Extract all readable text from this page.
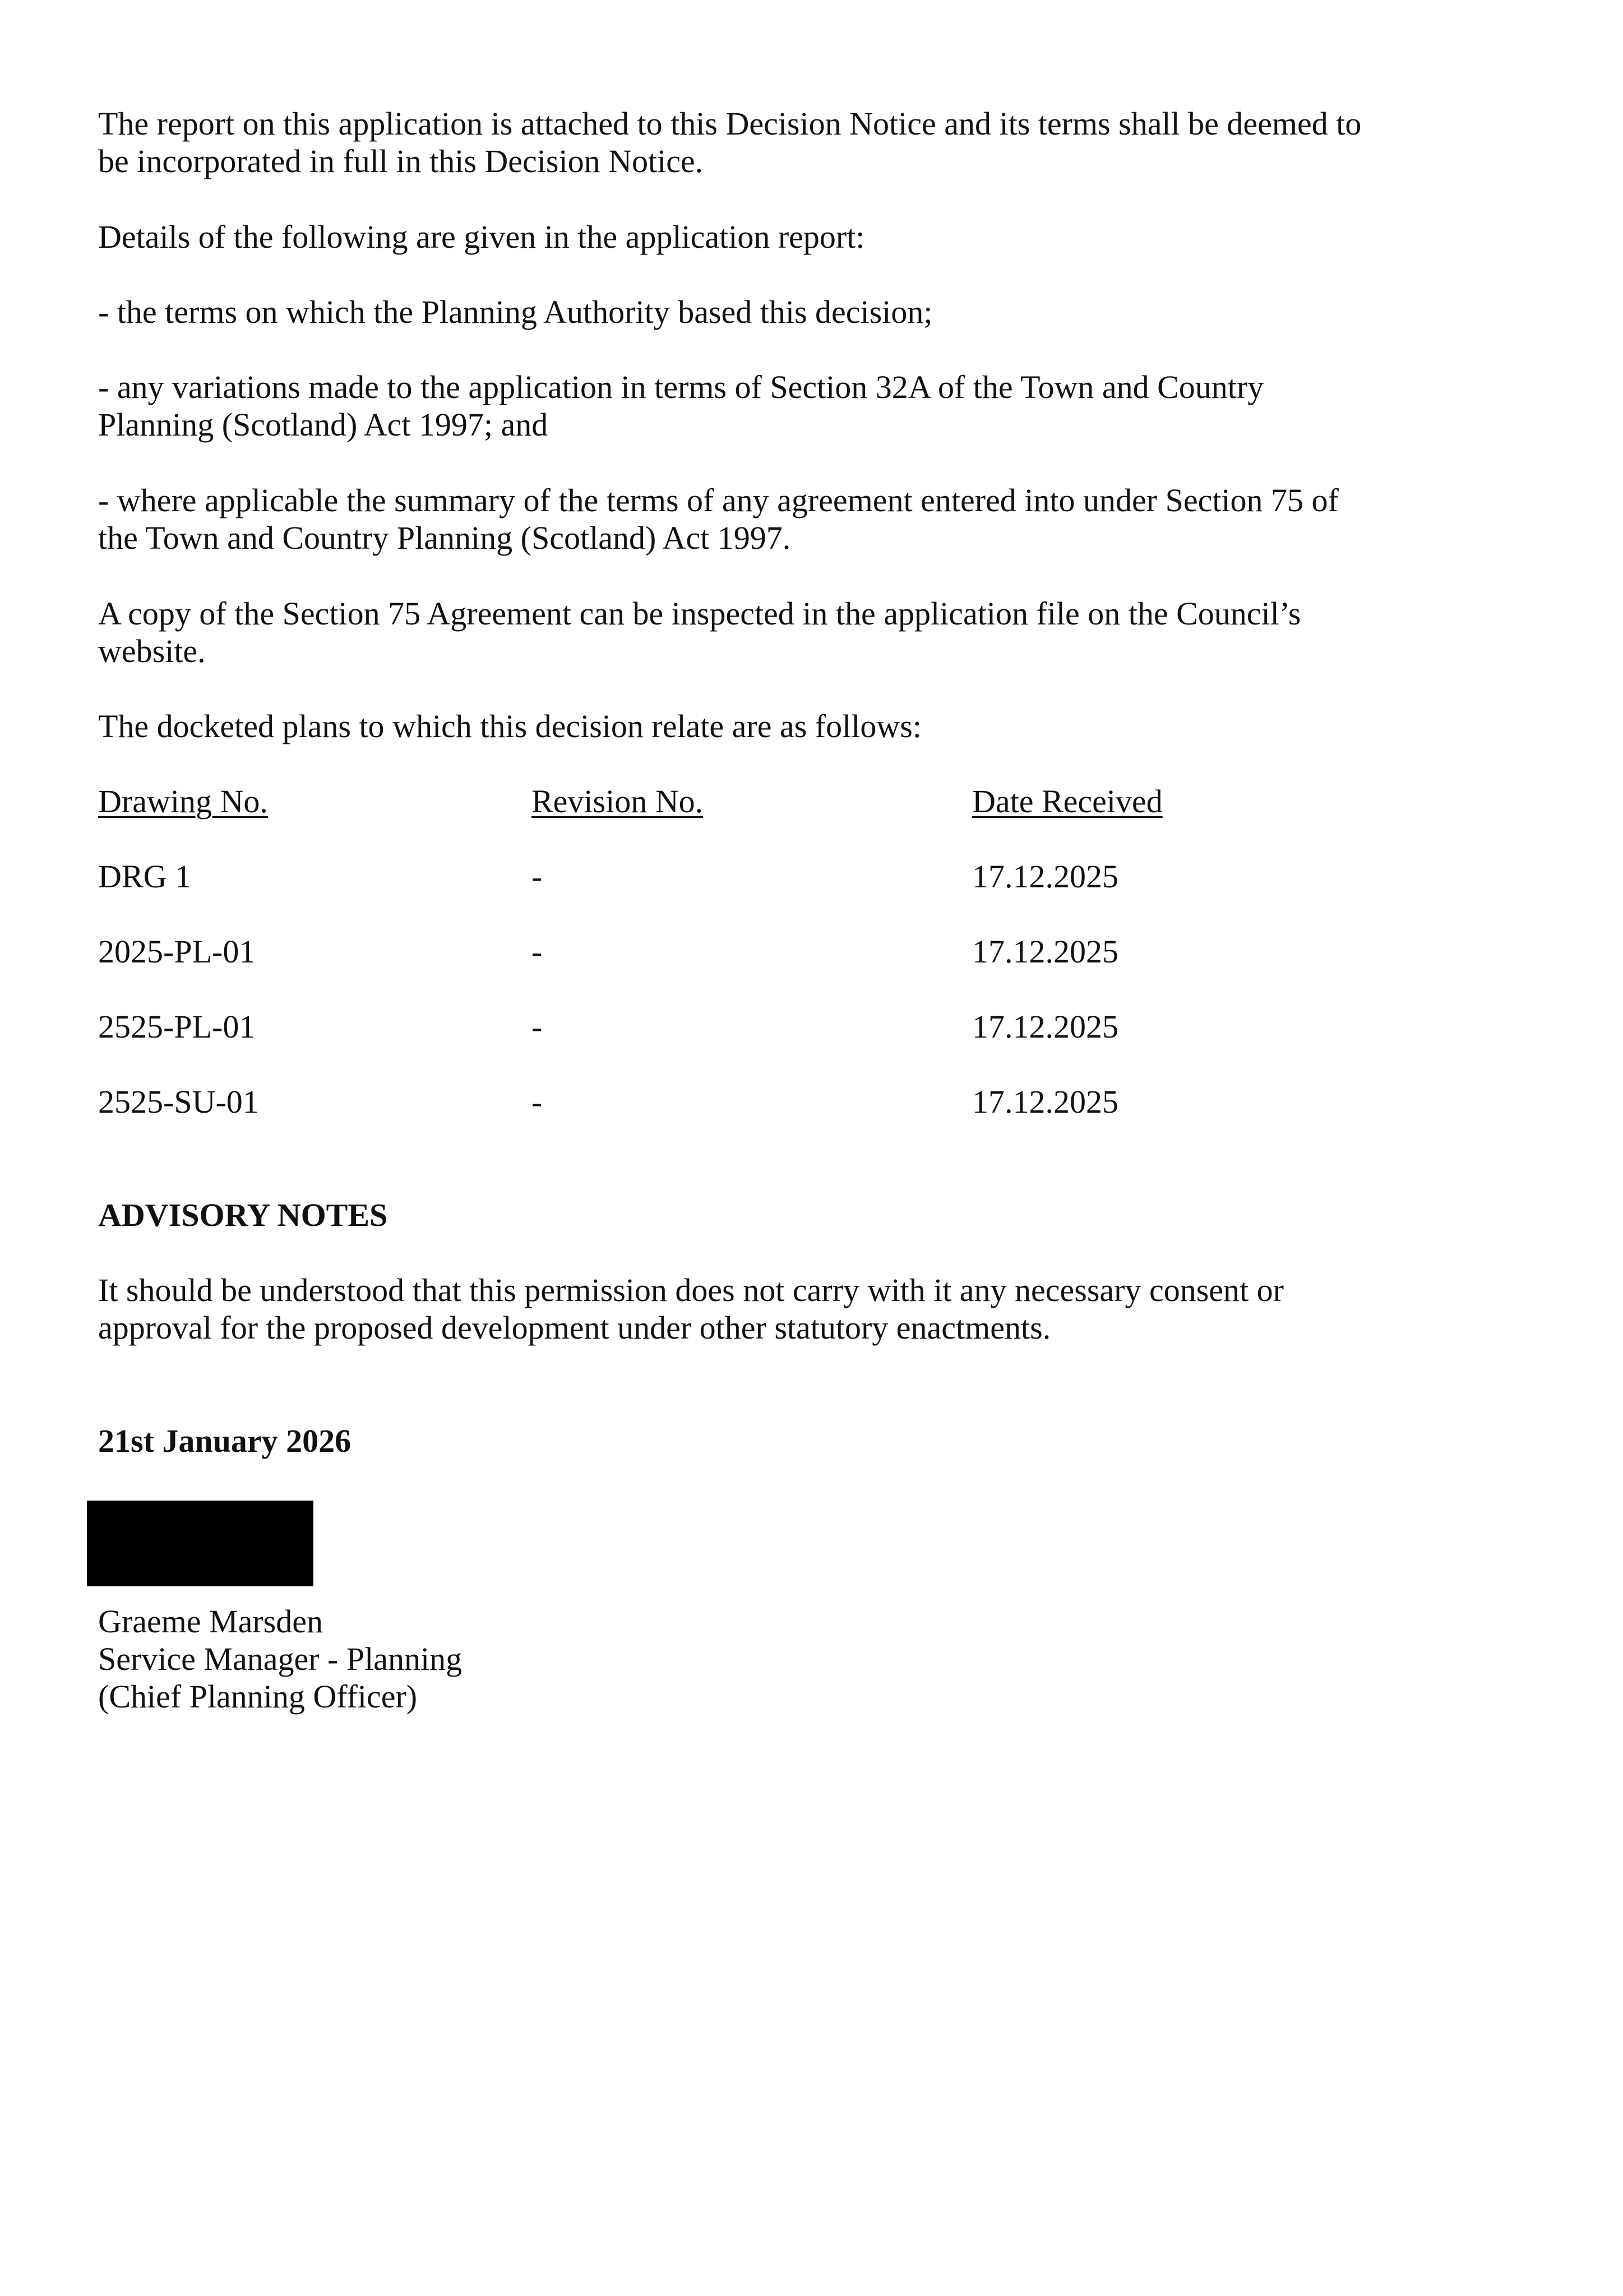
The report on this application is attached to this Decision Notice and its terms shall be deemed to
be incorporated in full in this Decision Notice.
Details of the following are given in the application report:
- the terms on which the Planning Authority based this decision;
- any variations made to the application in terms of Section 32A of the Town and Country
Planning (Scotland) Act 1997; and
- where applicable the summary of the terms of any agreement entered into under Section 75 of
the Town and Country Planning (Scotland) Act 1997.
A copy of the Section 75 Agreement can be inspected in the application file on the Council’s
website.
The docketed plans to which this decision relate are as follows:
Drawing No.	Revision No.	Date Received
DRG 1	-	17.12.2025
2025-PL-01	-	17.12.2025
2525-PL-01	-	17.12.2025
2525-SU-01	-	17.12.2025
ADVISORY NOTES
It should be understood that this permission does not carry with it any necessary consent or
approval for the proposed development under other statutory enactments.
21st January 2026
Graeme Marsden
Service Manager - Planning
(Chief Planning Officer)
